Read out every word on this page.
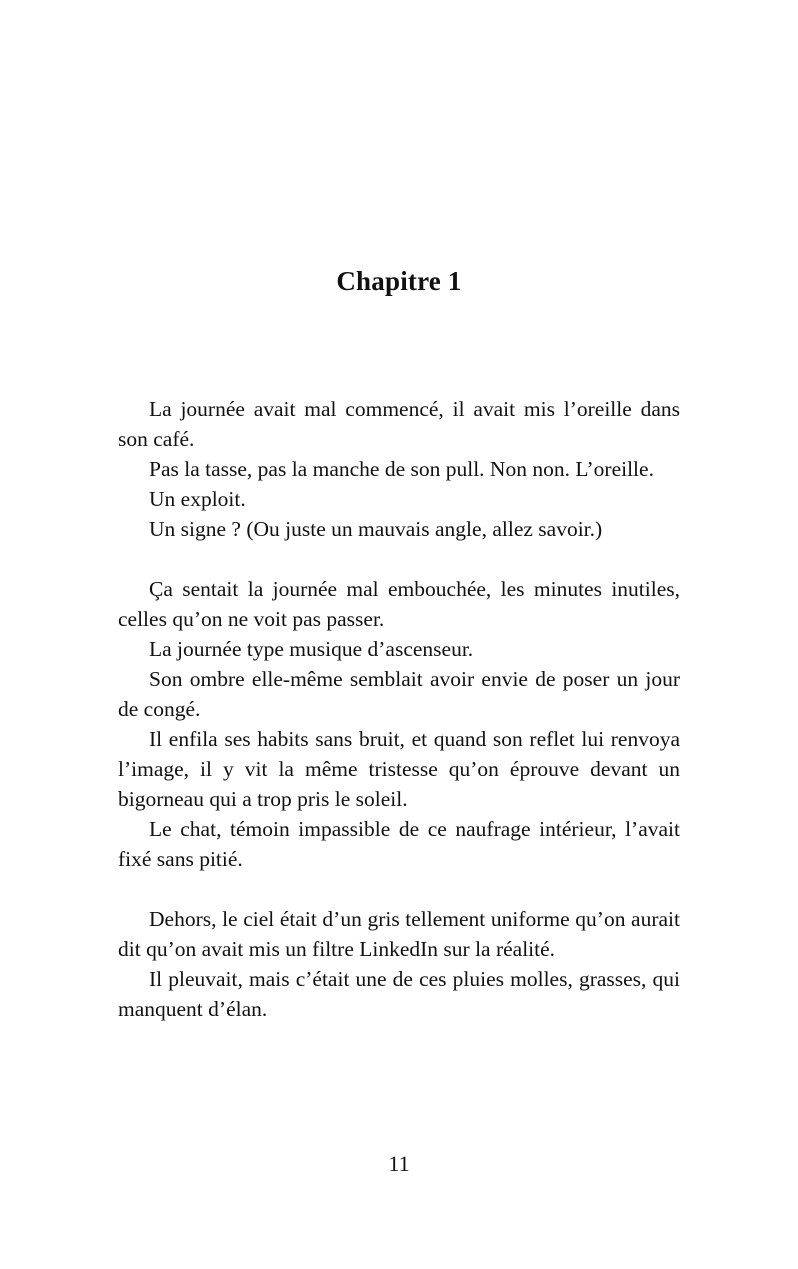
Chapitre 1

La journée avait mal commencé, il avait mis l’oreille dans son café.

Pas la tasse, pas la manche de son pull. Non non. L’oreille.

Un exploit.

Un signe ? (Ou juste un mauvais angle, allez savoir.)

Ça sentait la journée mal embouchée, les minutes inutiles, celles qu’on ne voit pas passer.

La journée type musique d’ascenseur.

Son ombre elle-même semblait avoir envie de poser un jour de congé.

Il enfila ses habits sans bruit, et quand son reflet lui renvoya l’image, il y vit la même tristesse qu’on éprouve devant un bigorneau qui a trop pris le soleil.

Le chat, témoin impassible de ce naufrage intérieur, l’avait fixé sans pitié.

Dehors, le ciel était d’un gris tellement uniforme qu’on aurait dit qu’on avait mis un filtre LinkedIn sur la réalité.

Il pleuvait, mais c’était une de ces pluies molles, grasses, qui manquent d’élan.

11
